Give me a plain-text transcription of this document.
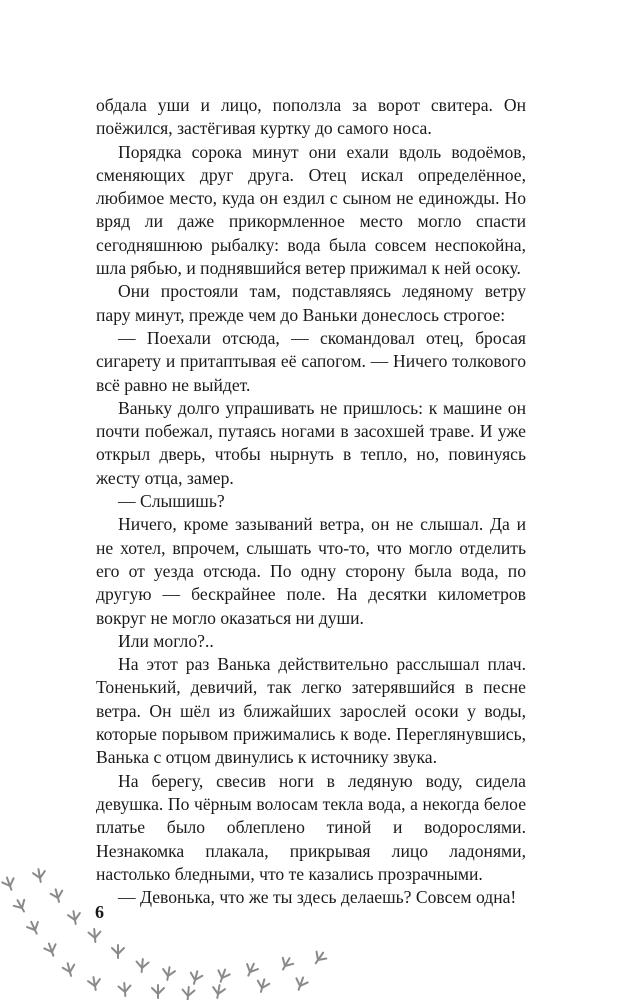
обдала уши и лицо, поползла за ворот свитера. Он поёжился, застёгивая куртку до самого носа.

Порядка сорока минут они ехали вдоль водоёмов, сменяющих друг друга. Отец искал определённое, любимое место, куда он ездил с сыном не единожды. Но вряд ли даже прикормленное место могло спасти сегодняшнюю рыбалку: вода была совсем неспокойна, шла рябью, и поднявшийся ветер прижимал к ней осоку.

Они простояли там, подставляясь ледяному ветру пару минут, прежде чем до Ваньки донеслось строгое:

— Поехали отсюда, — скомандовал отец, бросая сигарету и притаптывая её сапогом. — Ничего толкового всё равно не выйдет.

Ваньку долго упрашивать не пришлось: к машине он почти побежал, путаясь ногами в засохшей траве. И уже открыл дверь, чтобы нырнуть в тепло, но, повинуясь жесту отца, замер.

— Слышишь?

Ничего, кроме зазываний ветра, он не слышал. Да и не хотел, впрочем, слышать что-то, что могло отделить его от уезда отсюда. По одну сторону была вода, по другую — бескрайнее поле. На десятки километров вокруг не могло оказаться ни души.

Или могло?..

На этот раз Ванька действительно расслышал плач. Тоненький, девичий, так легко затерявшийся в песне ветра. Он шёл из ближайших зарослей осоки у воды, которые порывом прижимались к воде. Переглянувшись, Ванька с отцом двинулись к источнику звука.

На берегу, свесив ноги в ледяную воду, сидела девушка. По чёрным волосам текла вода, а некогда белое платье было облеплено тиной и водорослями. Незнакомка плакала, прикрывая лицо ладонями, настолько бледными, что те казались прозрачными.

— Девонька, что же ты здесь делаешь? Совсем одна!

6
